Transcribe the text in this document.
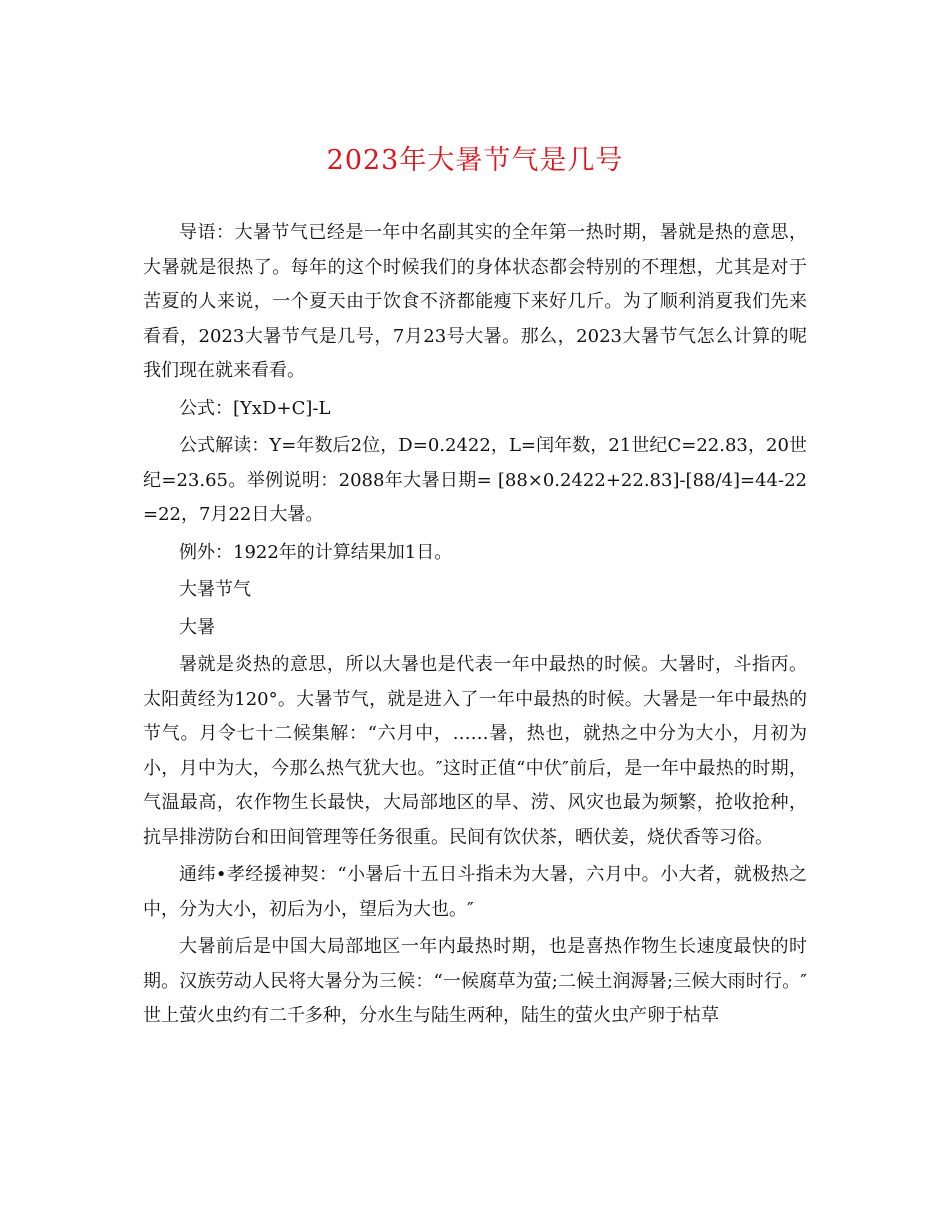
2023年大暑节气是几号

导语：大暑节气已经是一年中名副其实的全年第一热时期，暑就是热的意思，大暑就是很热了。每年的这个时候我们的身体状态都会特别的不理想，尤其是对于苦夏的人来说，一个夏天由于饮食不济都能瘦下来好几斤。为了顺利消夏我们先来看看，2023大暑节气是几号，7月23号大暑。那么，2023大暑节气怎么计算的呢我们现在就来看看。

公式：[YxD+C]-L

公式解读：Y=年数后2位，D=0.2422，L=闰年数，21世纪C=22.83，20世纪=23.65。举例说明：2088年大暑日期= [88×0.2422+22.83]-[88/4]=44-22=22，7月22日大暑。

例外：1922年的计算结果加1日。

大暑节气

大暑

暑就是炎热的意思，所以大暑也是代表一年中最热的时候。大暑时，斗指丙。太阳黄经为120°。大暑节气，就是进入了一年中最热的时候。大暑是一年中最热的节气。月令七十二候集解：“六月中，……暑，热也，就热之中分为大小，月初为小，月中为大，今那么热气犹大也。″这时正值“中伏″前后，是一年中最热的时期，气温最高，农作物生长最快，大局部地区的旱、涝、风灾也最为频繁，抢收抢种，抗旱排涝防台和田间管理等任务很重。民间有饮伏茶，晒伏姜，烧伏香等习俗。

通纬•孝经援神契：“小暑后十五日斗指未为大暑，六月中。小大者，就极热之中，分为大小，初后为小，望后为大也。″

大暑前后是中国大局部地区一年内最热时期，也是喜热作物生长速度最快的时期。汉族劳动人民将大暑分为三候：“一候腐草为萤;二候土润溽暑;三候大雨时行。″世上萤火虫约有二千多种，分水生与陆生两种，陆生的萤火虫产卵于枯草
